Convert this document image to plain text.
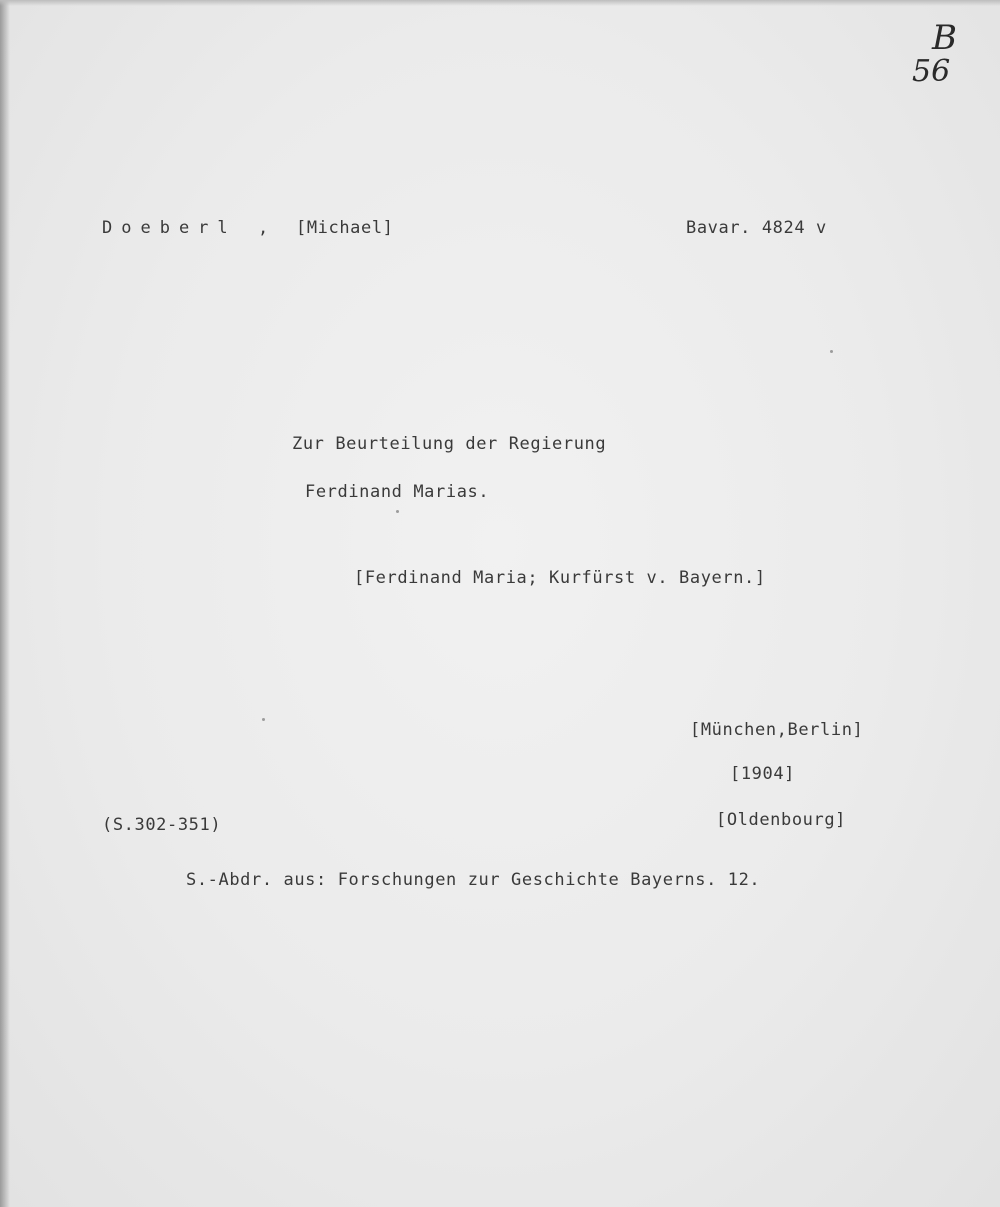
B
56
Doeberl , [Michael]	Bavar. 4824 v
Zur Beurteilung der Regierung
Ferdinand Marias.
[Ferdinand Maria; Kurfürst v. Bayern.]
[München,Berlin]
[1904]
[Oldenbourg]
(S.302-351)
S.-Abdr. aus: Forschungen zur Geschichte Bayerns. 12.
